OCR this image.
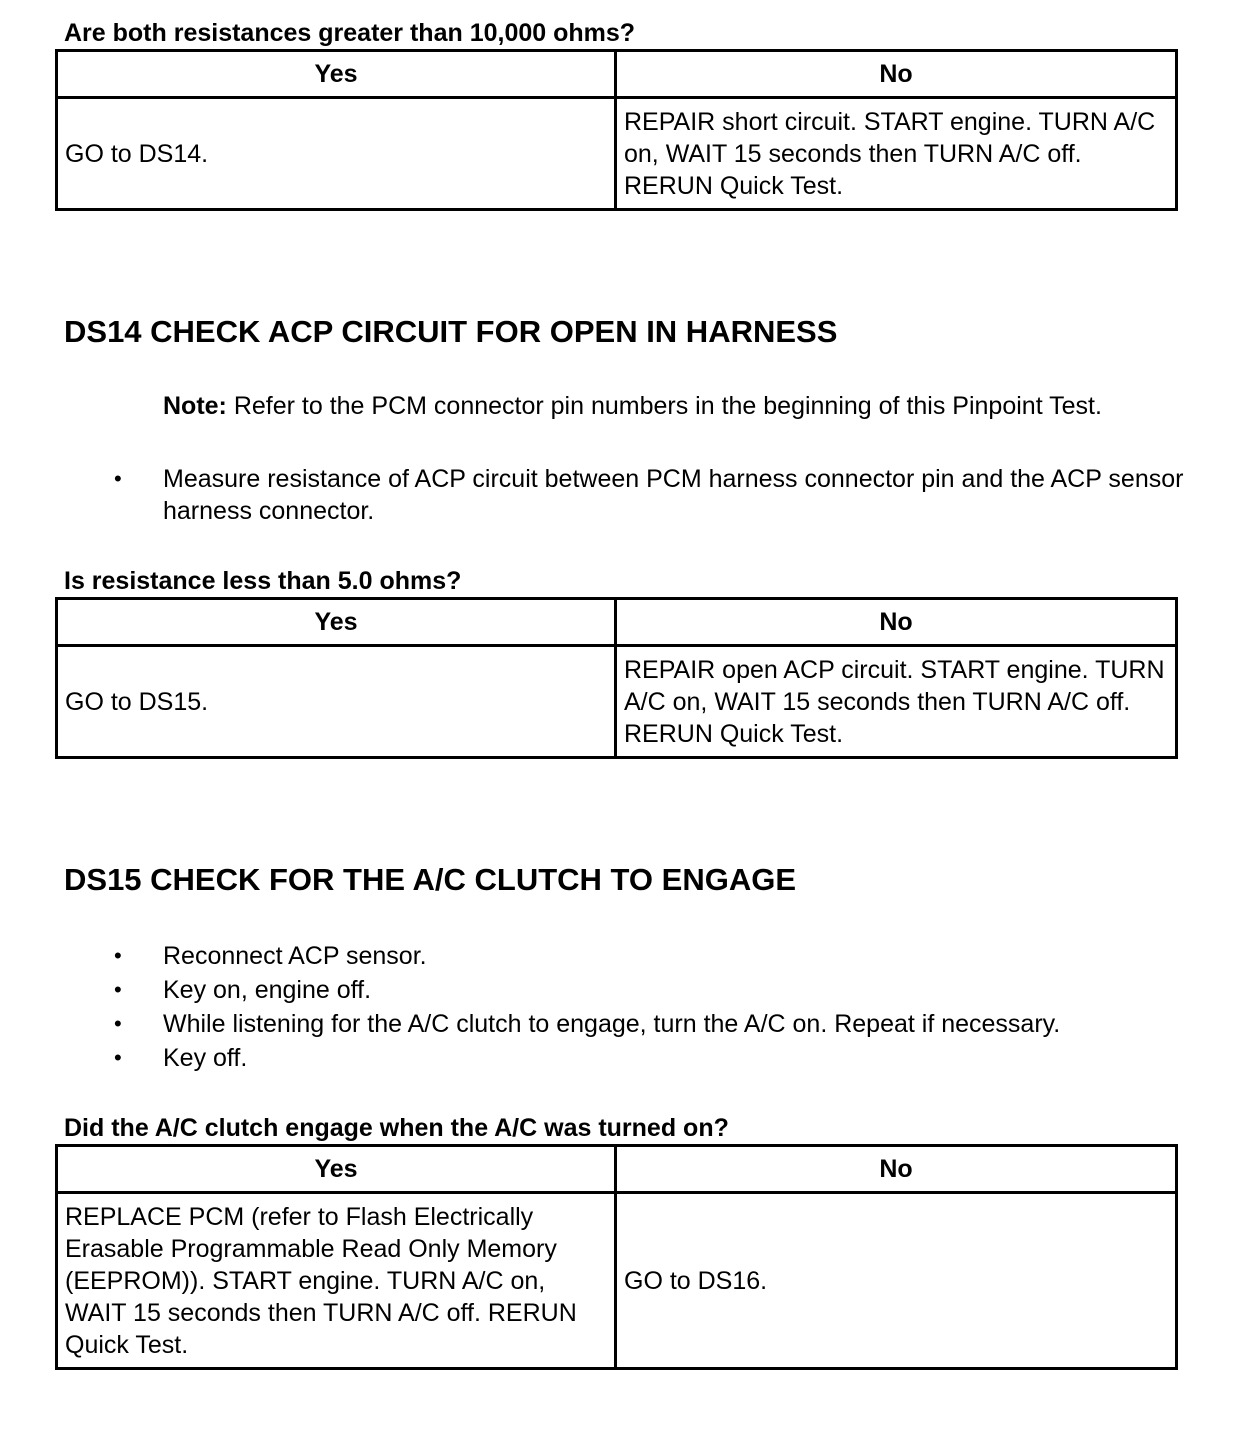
Are both resistances greater than 10,000 ohms?

Yes	No
GO to DS14.	REPAIR short circuit. START engine. TURN A/C on, WAIT 15 seconds then TURN A/C off. RERUN Quick Test.
DS14 CHECK ACP CIRCUIT FOR OPEN IN HARNESS

Note: Refer to the PCM connector pin numbers in the beginning of this Pinpoint Test.

• Measure resistance of ACP circuit between PCM harness connector pin and the ACP sensor harness connector.

Is resistance less than 5.0 ohms?

Yes	No
GO to DS15.	REPAIR open ACP circuit. START engine. TURN A/C on, WAIT 15 seconds then TURN A/C off. RERUN Quick Test.
DS15 CHECK FOR THE A/C CLUTCH TO ENGAGE
• Reconnect ACP sensor.
• Key on, engine off.
• While listening for the A/C clutch to engage, turn the A/C on. Repeat if necessary.
• Key off.

Did the A/C clutch engage when the A/C was turned on?

Yes	No
REPLACE PCM (refer to Flash Electrically Erasable Programmable Read Only Memory (EEPROM)). START engine. TURN A/C on, WAIT 15 seconds then TURN A/C off. RERUN Quick Test.	GO to DS16.
